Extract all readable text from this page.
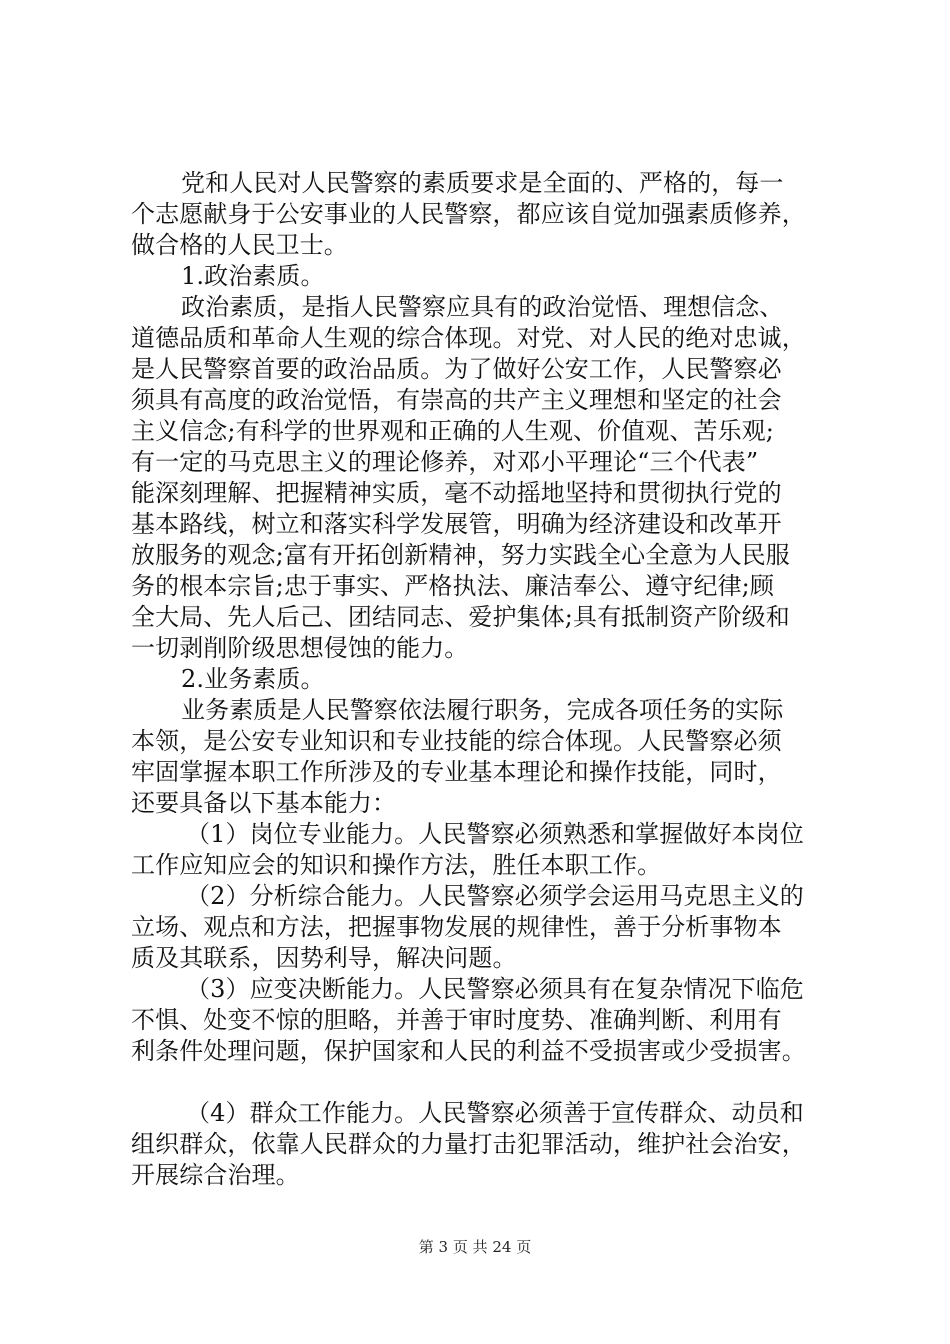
党和人民对人民警察的素质要求是全面的、严格的，每一
个志愿献身于公安事业的人民警察，都应该自觉加强素质修养，
做合格的人民卫士。
1.政治素质。
政治素质，是指人民警察应具有的政治觉悟、理想信念、
道德品质和革命人生观的综合体现。对党、对人民的绝对忠诚，
是人民警察首要的政治品质。为了做好公安工作，人民警察必
须具有高度的政治觉悟，有崇高的共产主义理想和坚定的社会
主义信念;有科学的世界观和正确的人生观、价值观、苦乐观;
有一定的马克思主义的理论修养，对邓小平理论“三个代表”
能深刻理解、把握精神实质，毫不动摇地坚持和贯彻执行党的
基本路线，树立和落实科学发展管，明确为经济建设和改革开
放服务的观念;富有开拓创新精神，努力实践全心全意为人民服
务的根本宗旨;忠于事实、严格执法、廉洁奉公、遵守纪律;顾
全大局、先人后己、团结同志、爱护集体;具有抵制资产阶级和
一切剥削阶级思想侵蚀的能力。
2.业务素质。
业务素质是人民警察依法履行职务，完成各项任务的实际
本领，是公安专业知识和专业技能的综合体现。人民警察必须
牢固掌握本职工作所涉及的专业基本理论和操作技能，同时，
还要具备以下基本能力：
（1）岗位专业能力。人民警察必须熟悉和掌握做好本岗位
工作应知应会的知识和操作方法，胜任本职工作。
（2）分析综合能力。人民警察必须学会运用马克思主义的
立场、观点和方法，把握事物发展的规律性，善于分析事物本
质及其联系，因势利导，解决问题。
（3）应变决断能力。人民警察必须具有在复杂情况下临危
不惧、处变不惊的胆略，并善于审时度势、准确判断、利用有
利条件处理问题，保护国家和人民的利益不受损害或少受损害。
（4）群众工作能力。人民警察必须善于宣传群众、动员和
组织群众，依靠人民群众的力量打击犯罪活动，维护社会治安，
开展综合治理。
第 3 页 共 24 页
